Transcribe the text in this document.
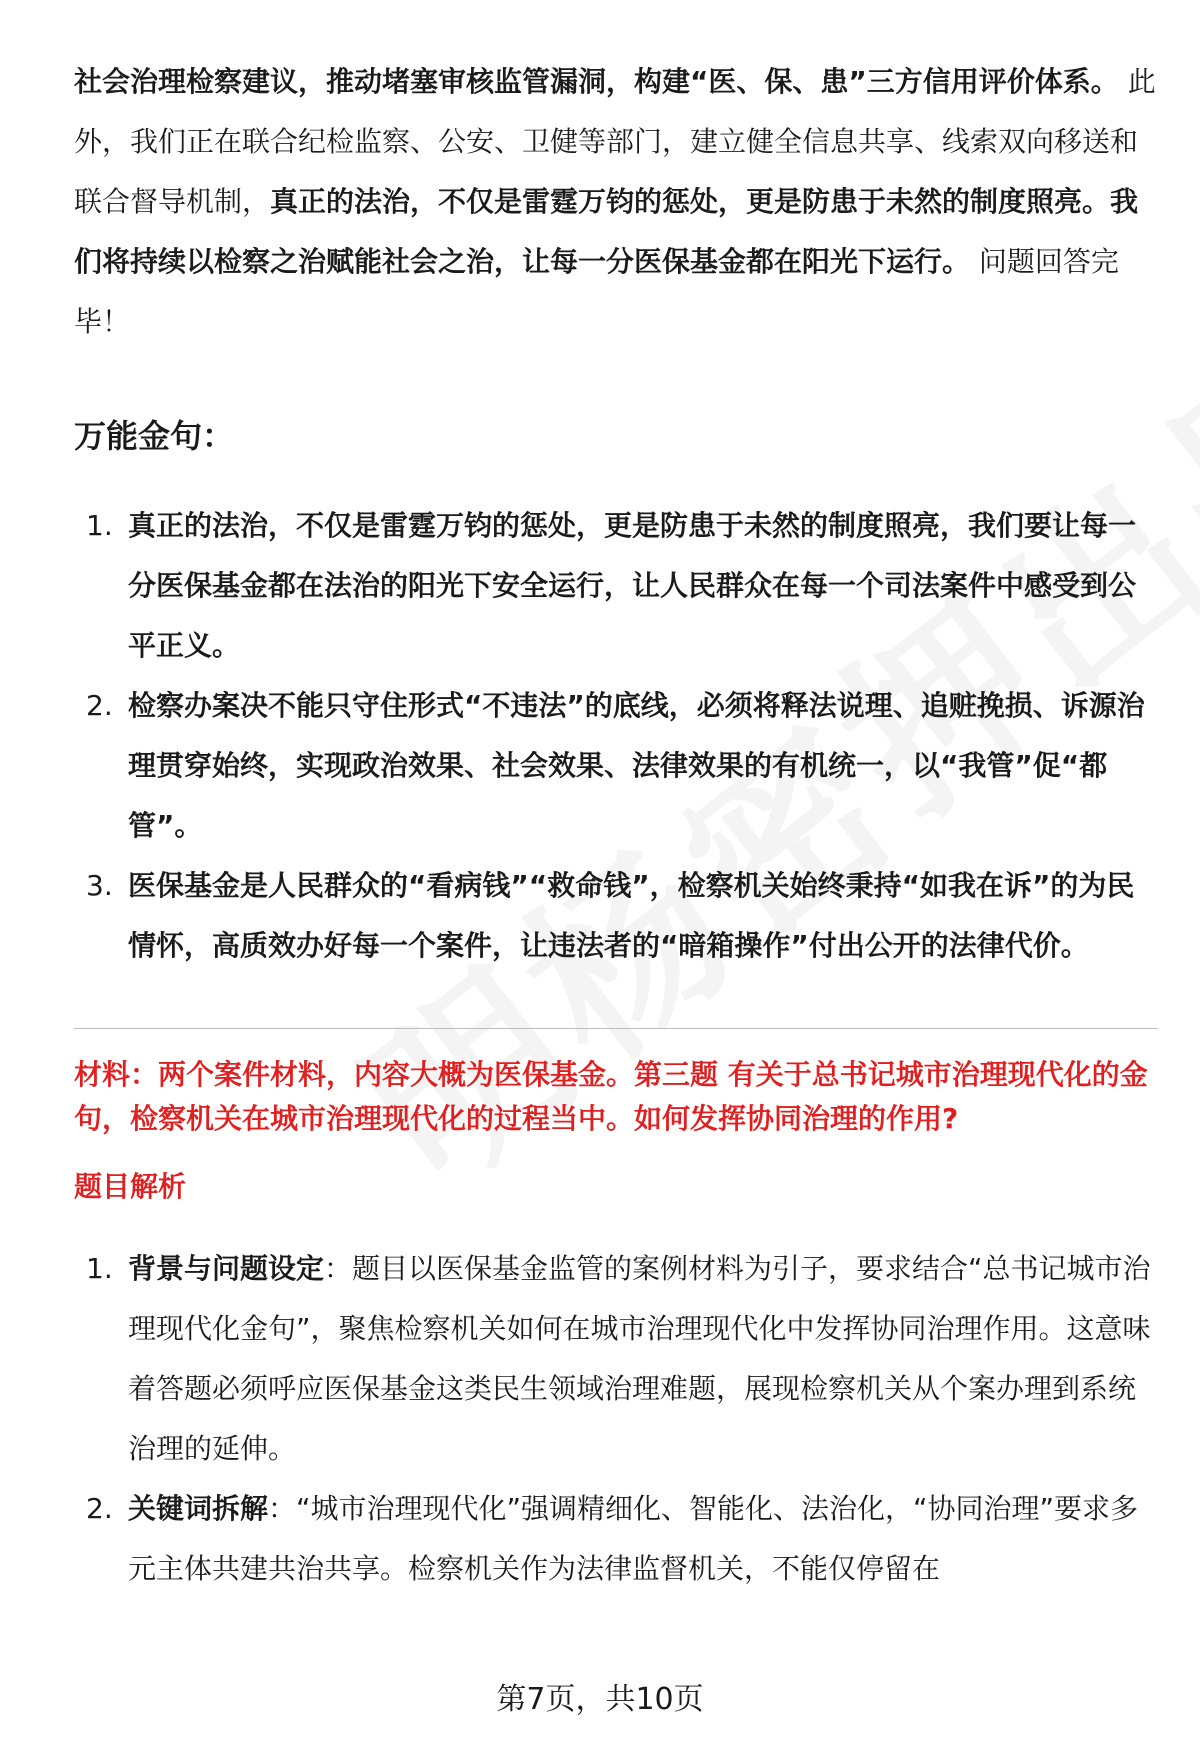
社会治理检察建议，推动堵塞审核监管漏洞，构建“医、保、患”三方信用评价体系。 此外，我们正在联合纪检监察、公安、卫健等部门，建立健全信息共享、线索双向移送和联合督导机制，真正的法治，不仅是雷霆万钧的惩处，更是防患于未然的制度照亮。我们将持续以检察之治赋能社会之治，让每一分医保基金都在阳光下运行。 问题回答完毕！

万能金句：
1. 真正的法治，不仅是雷霆万钧的惩处，更是防患于未然的制度照亮，我们要让每一分医保基金都在法治的阳光下安全运行，让人民群众在每一个司法案件中感受到公平正义。
2. 检察办案决不能只守住形式“不违法”的底线，必须将释法说理、追赃挽损、诉源治理贯穿始终，实现政治效果、社会效果、法律效果的有机统一，以“我管”促“都管”。
3. 医保基金是人民群众的“看病钱”“救命钱”，检察机关始终秉持“如我在诉”的为民情怀，高质效办好每一个案件，让违法者的“暗箱操作”付出公开的法律代价。

材料：两个案件材料，内容大概为医保基金。第三题 有关于总书记城市治理现代化的金句，检察机关在城市治理现代化的过程当中。如何发挥协同治理的作用?

题目解析
1. 背景与问题设定：题目以医保基金监管的案例材料为引子，要求结合“总书记城市治理现代化金句”，聚焦检察机关如何在城市治理现代化中发挥协同治理作用。这意味着答题必须呼应医保基金这类民生领域治理难题，展现检察机关从个案办理到系统治理的延伸。
2. 关键词拆解：“城市治理现代化”强调精细化、智能化、法治化，“协同治理”要求多元主体共建共治共享。检察机关作为法律监督机关，不能仅停留在
第7页，共10页
